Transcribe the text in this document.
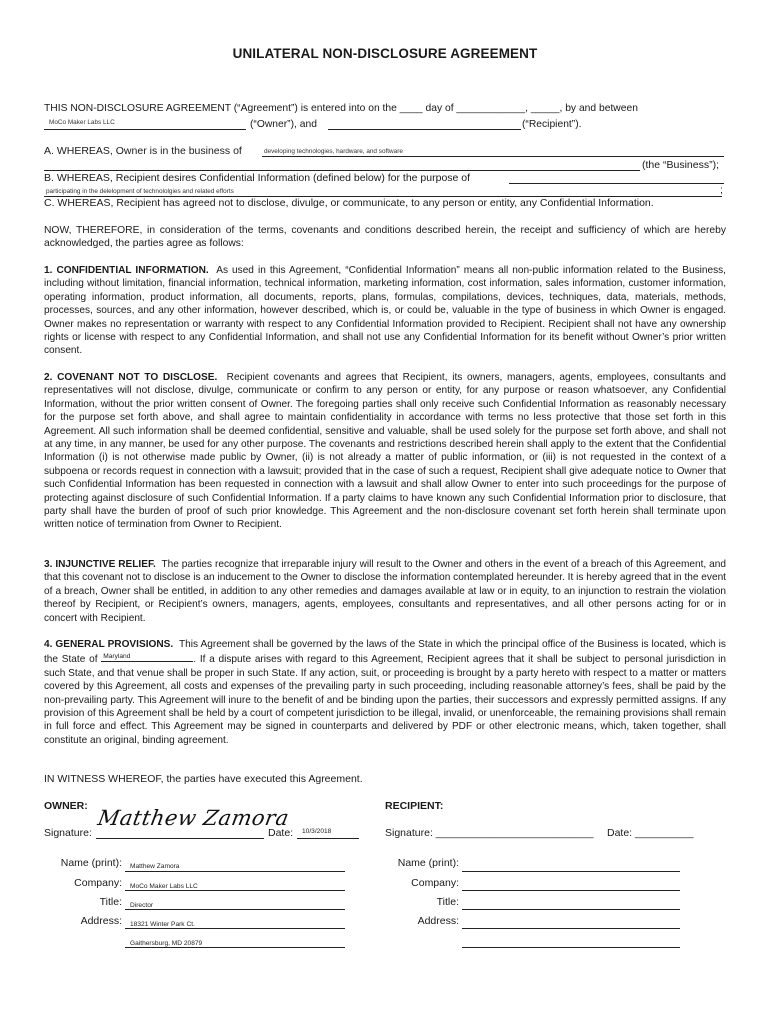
UNILATERAL NON-DISCLOSURE AGREEMENT
THIS NON-DISCLOSURE AGREEMENT (“Agreement”) is entered into on the ____ day of ____________, _____, by and between
MoCo Maker Labs LLC	(“Owner”), and	(“Recipient”).
A. WHEREAS, Owner is in the business of	developing technologies, hardware, and software
(the “Business”);
B. WHEREAS, Recipient desires Confidential Information (defined below) for the purpose of
participating in the delelopment of technololgies and related efforts	;
C. WHEREAS, Recipient has agreed not to disclose, divulge, or communicate, to any person or entity, any Confidential Information.
NOW, THEREFORE, in consideration of the terms, covenants and conditions described herein, the receipt and sufficiency of which are hereby acknowledged, the parties agree as follows:
1. CONFIDENTIAL INFORMATION. As used in this Agreement, “Confidential Information” means all non-public information related to the Business, including without limitation, financial information, technical information, marketing information, cost information, sales information, customer information, operating information, product information, all documents, reports, plans, formulas, compilations, devices, techniques, data, materials, methods, processes, sources, and any other information, however described, which is, or could be, valuable in the type of business in which Owner is engaged. Owner makes no representation or warranty with respect to any Confidential Information provided to Recipient. Recipient shall not have any ownership rights or license with respect to any Confidential Information, and shall not use any Confidential Information for its benefit without Owner’s prior written consent.
2. COVENANT NOT TO DISCLOSE. Recipient covenants and agrees that Recipient, its owners, managers, agents, employees, consultants and representatives will not disclose, divulge, communicate or confirm to any person or entity, for any purpose or reason whatsoever, any Confidential Information, without the prior written consent of Owner. The foregoing parties shall only receive such Confidential Information as reasonably necessary for the purpose set forth above, and shall agree to maintain confidentiality in accordance with terms no less protective that those set forth in this Agreement. All such information shall be deemed confidential, sensitive and valuable, shall be used solely for the purpose set forth above, and shall not at any time, in any manner, be used for any other purpose. The covenants and restrictions described herein shall apply to the extent that the Confidential Information (i) is not otherwise made public by Owner, (ii) is not already a matter of public information, or (iii) is not requested in the context of a subpoena or records request in connection with a lawsuit; provided that in the case of such a request, Recipient shall give adequate notice to Owner that such Confidential Information has been requested in connection with a lawsuit and shall allow Owner to enter into such proceedings for the purpose of protecting against disclosure of such Confidential Information. If a party claims to have known any such Confidential Information prior to disclosure, that party shall have the burden of proof of such prior knowledge. This Agreement and the non-disclosure covenant set forth herein shall terminate upon written notice of termination from Owner to Recipient.
3. INJUNCTIVE RELIEF. The parties recognize that irreparable injury will result to the Owner and others in the event of a breach of this Agreement, and that this covenant not to disclose is an inducement to the Owner to disclose the information contemplated hereunder. It is hereby agreed that in the event of a breach, Owner shall be entitled, in addition to any other remedies and damages available at law or in equity, to an injunction to restrain the violation thereof by Recipient, or Recipient’s owners, managers, agents, employees, consultants and representatives, and all other persons acting for or in concert with Recipient.
4. GENERAL PROVISIONS. This Agreement shall be governed by the laws of the State in which the principal office of the Business is located, which is the State of Maryland	. If a dispute arises with regard to this Agreement, Recipient agrees that it shall be subject to personal jurisdiction in such State, and that venue shall be proper in such State. If any action, suit, or proceeding is brought by a party hereto with respect to a matter or matters covered by this Agreement, all costs and expenses of the prevailing party in such proceeding, including reasonable attorney’s fees, shall be paid by the non-prevailing party. This Agreement will inure to the benefit of and be binding upon the parties, their successors and expressly permitted assigns. If any provision of this Agreement shall be held by a court of competent jurisdiction to be illegal, invalid, or unenforceable, the remaining provisions shall remain in full force and effect. This Agreement may be signed in counterparts and delivered by PDF or other electronic means, which, taken together, shall constitute an original, binding agreement.
IN WITNESS WHEREOF, the parties have executed this Agreement.
OWNER:
Signature:
Matthew Zamora
Date: 10/3/2018
Name (print): Matthew Zamora
Company: MoCo Maker Labs LLC
Title: Director
Address: 18321 Winter Park Ct.
Gaithersburg, MD 20879
RECIPIENT:
Signature: ___________________________ Date: __________
Name (print):
Company:
Title:
Address:
